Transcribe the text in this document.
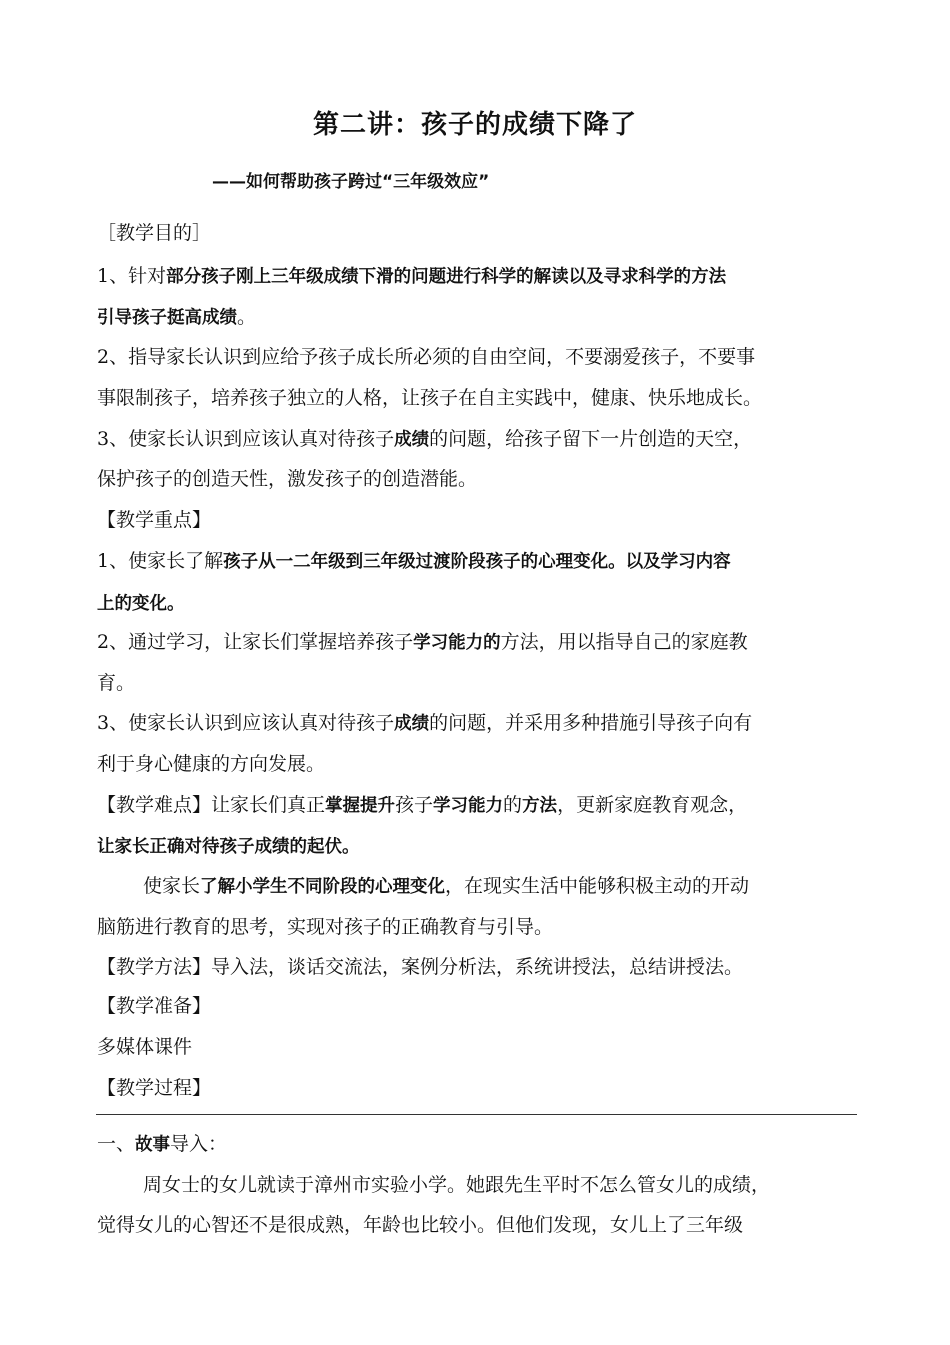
第二讲：孩子的成绩下降了
——如何帮助孩子跨过“三年级效应”
［教学目的］
1、针对部分孩子刚上三年级成绩下滑的问题进行科学的解读以及寻求科学的方法
引导孩子挺高成绩。
2、指导家长认识到应给予孩子成长所必须的自由空间，不要溺爱孩子，不要事
事限制孩子，培养孩子独立的人格，让孩子在自主实践中，健康、快乐地成长。
3、使家长认识到应该认真对待孩子成绩的问题，给孩子留下一片创造的天空，
保护孩子的创造天性，激发孩子的创造潜能。
【教学重点】
1、使家长了解孩子从一二年级到三年级过渡阶段孩子的心理变化。以及学习内容
上的变化。
2、通过学习，让家长们掌握培养孩子学习能力的方法，用以指导自己的家庭教
育。
3、使家长认识到应该认真对待孩子成绩的问题，并采用多种措施引导孩子向有
利于身心健康的方向发展。
【教学难点】让家长们真正掌握提升孩子学习能力的方法，更新家庭教育观念，
让家长正确对待孩子成绩的起伏。
使家长了解小学生不同阶段的心理变化，在现实生活中能够积极主动的开动
脑筋进行教育的思考，实现对孩子的正确教育与引导。
【教学方法】导入法，谈话交流法，案例分析法，系统讲授法，总结讲授法。
【教学准备】
多媒体课件
【教学过程】
一、故事导入：
周女士的女儿就读于漳州市实验小学。她跟先生平时不怎么管女儿的成绩，
觉得女儿的心智还不是很成熟，年龄也比较小。但他们发现，女儿上了三年级
